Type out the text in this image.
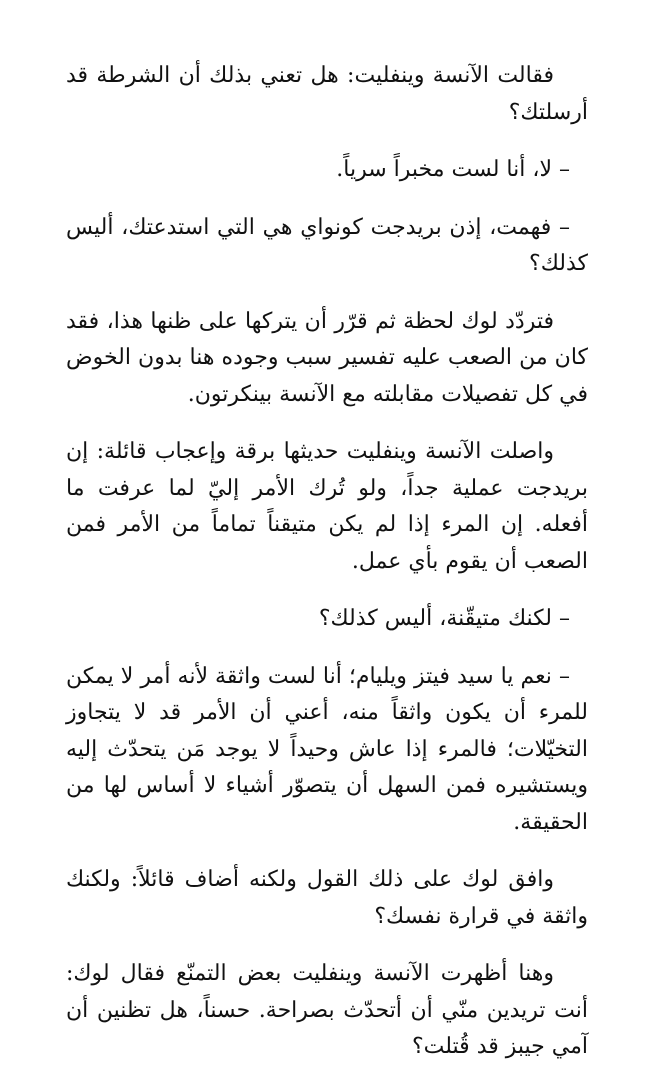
فقالت الآنسة وينفليت: هل تعني بذلك أن الشرطة قد أرسلتك؟

– لا، أنا لست مخبراً سرياً.

– فهمت، إذن بريدجت كونواي هي التي استدعتك، أليس كذلك؟

فتردّد لوك لحظة ثم قرّر أن يتركها على ظنها هذا، فقد كان من الصعب عليه تفسير سبب وجوده هنا بدون الخوض في كل تفصيلات مقابلته مع الآنسة بينكرتون.

واصلت الآنسة وينفليت حديثها برقة وإعجاب قائلة: إن بريدجت عملية جداً، ولو تُرك الأمر إليّ لما عرفت ما أفعله. إن المرء إذا لم يكن متيقناً تماماً من الأمر فمن الصعب أن يقوم بأي عمل.

– لكنك متيقّنة، أليس كذلك؟

– نعم يا سيد فيتز ويليام؛ أنا لست واثقة لأنه أمر لا يمكن للمرء أن يكون واثقاً منه، أعني أن الأمر قد لا يتجاوز التخيّلات؛ فالمرء إذا عاش وحيداً لا يوجد مَن يتحدّث إليه ويستشيره فمن السهل أن يتصوّر أشياء لا أساس لها من الحقيقة.

وافق لوك على ذلك القول ولكنه أضاف قائلاً: ولكنك واثقة في قرارة نفسك؟

وهنا أظهرت الآنسة وينفليت بعض التمنّع فقال لوك: أنت تريدين منّي أن أتحدّث بصراحة. حسناً، هل تظنين أن آمي جيبز قد قُتلت؟
